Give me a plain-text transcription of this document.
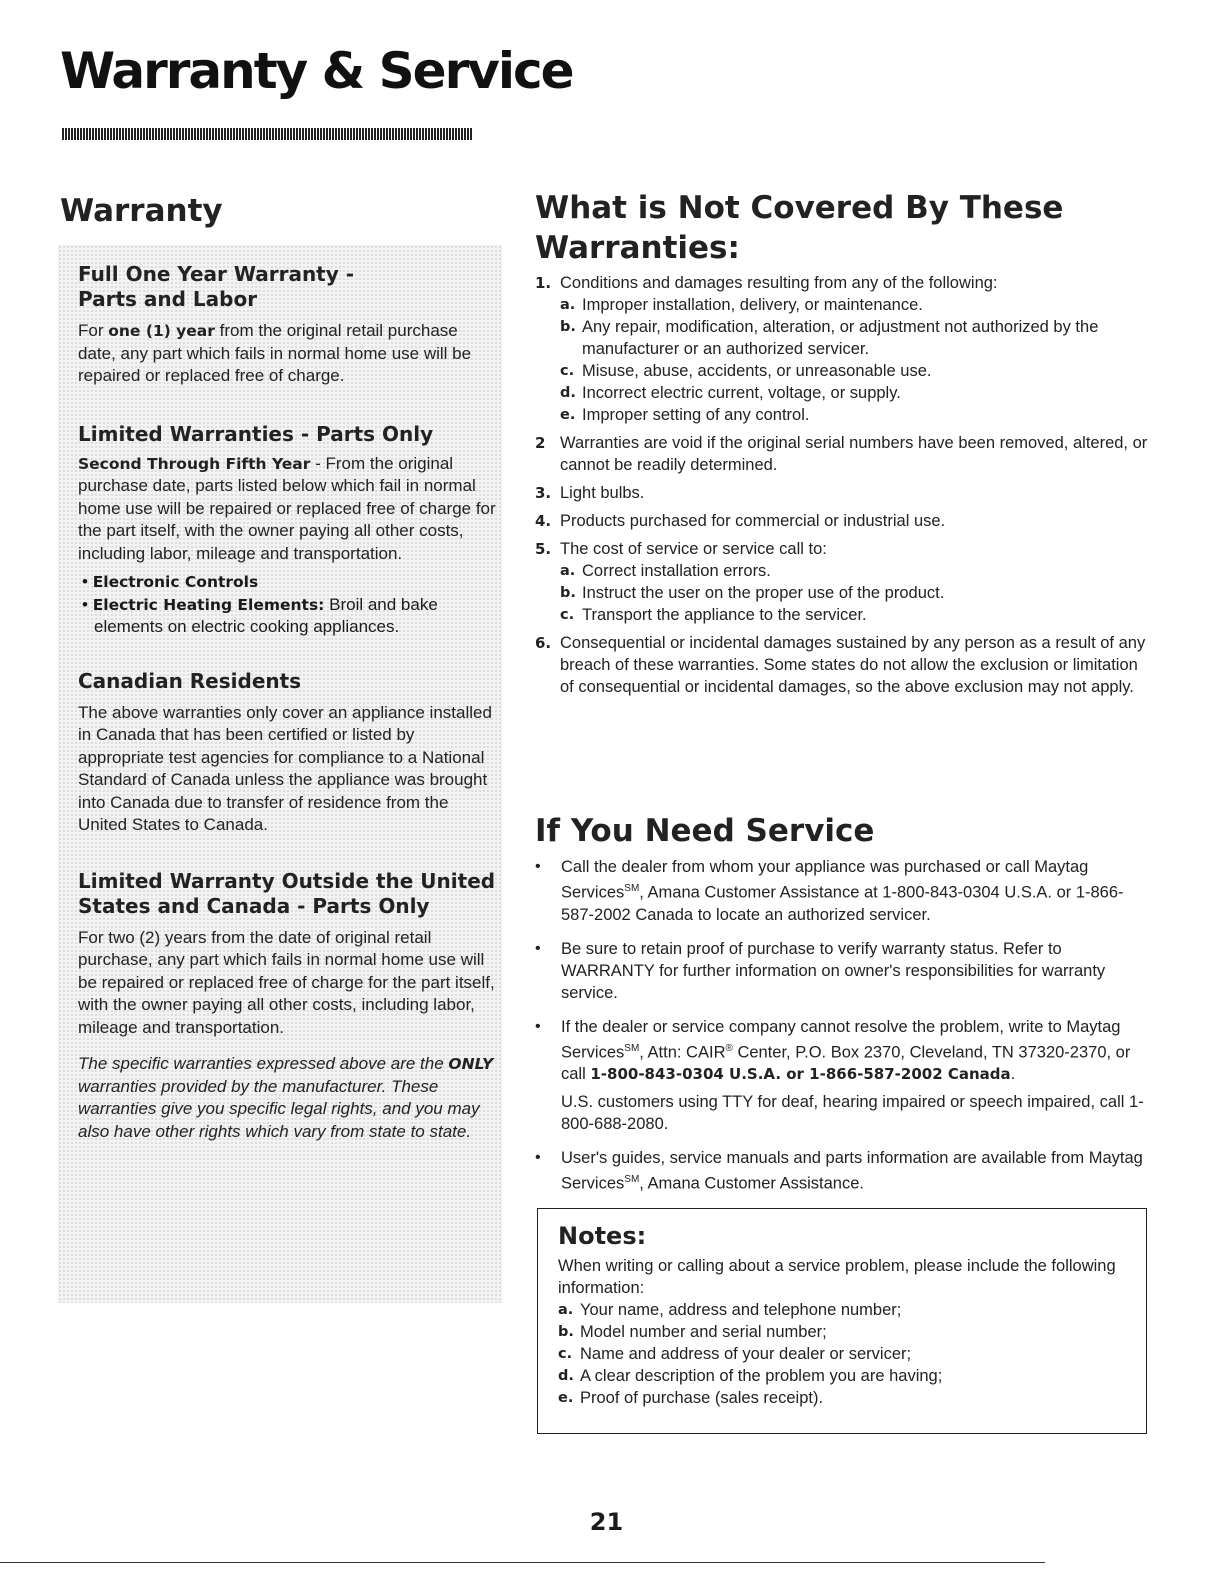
Warranty & Service
Warranty
Full One Year Warranty - Parts and Labor
For one (1) year from the original retail purchase date, any part which fails in normal home use will be repaired or replaced free of charge.
Limited Warranties - Parts Only
Second Through Fifth Year - From the original purchase date, parts listed below which fail in normal home use will be repaired or replaced free of charge for the part itself, with the owner paying all other costs, including labor, mileage and transportation.
• Electronic Controls
• Electric Heating Elements: Broil and bake elements on electric cooking appliances.
Canadian Residents
The above warranties only cover an appliance installed in Canada that has been certified or listed by appropriate test agencies for compliance to a National Standard of Canada unless the appliance was brought into Canada due to transfer of residence from the United States to Canada.
Limited Warranty Outside the United States and Canada - Parts Only
For two (2) years from the date of original retail purchase, any part which fails in normal home use will be repaired or replaced free of charge for the part itself, with the owner paying all other costs, including labor, mileage and transportation.
The specific warranties expressed above are the ONLY warranties provided by the manufacturer. These warranties give you specific legal rights, and you may also have other rights which vary from state to state.
What is Not Covered By These Warranties:
1. Conditions and damages resulting from any of the following:
a. Improper installation, delivery, or maintenance.
b. Any repair, modification, alteration, or adjustment not authorized by the manufacturer or an authorized servicer.
c. Misuse, abuse, accidents, or unreasonable use.
d. Incorrect electric current, voltage, or supply.
e. Improper setting of any control.
2 Warranties are void if the original serial numbers have been removed, altered, or cannot be readily determined.
3. Light bulbs.
4. Products purchased for commercial or industrial use.
5. The cost of service or service call to:
a. Correct installation errors.
b. Instruct the user on the proper use of the product.
c. Transport the appliance to the servicer.
6. Consequential or incidental damages sustained by any person as a result of any breach of these warranties. Some states do not allow the exclusion or limitation of consequential or incidental damages, so the above exclusion may not apply.
If You Need Service
•	Call the dealer from whom your appliance was purchased or call Maytag Services℠, Amana Customer Assistance at 1-800-843-0304 U.S.A. or 1-866-587-2002 Canada to locate an authorized servicer.
•	Be sure to retain proof of purchase to verify warranty status. Refer to WARRANTY for further information on owner's responsibilities for warranty service.
•	If the dealer or service company cannot resolve the problem, write to Maytag Services℠, Attn: CAIR® Center, P.O. Box 2370, Cleveland, TN 37320-2370, or call 1-800-843-0304 U.S.A. or 1-866-587-2002 Canada.
U.S. customers using TTY for deaf, hearing impaired or speech impaired, call 1-800-688-2080.
•	User's guides, service manuals and parts information are available from Maytag Services℠, Amana Customer Assistance.
Notes:
When writing or calling about a service problem, please include the following information:
a. Your name, address and telephone number;
b. Model number and serial number;
c. Name and address of your dealer or servicer;
d. A clear description of the problem you are having;
e. Proof of purchase (sales receipt).
21
